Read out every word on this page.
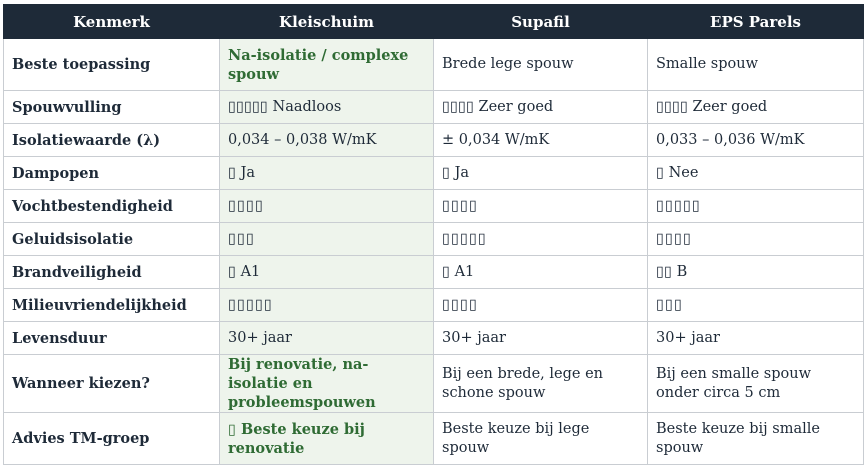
Kenmerk	Kleischuim	Supafil	EPS Parels
Beste toepassing	Na-isolatie / complexe spouw	Brede lege spouw	Smalle spouw
Spouwvulling	▯▯▯▯▯ Naadloos	▯▯▯▯ Zeer goed	▯▯▯▯ Zeer goed
Isolatiewaarde (λ)	0,034 – 0,038 W/mK	± 0,034 W/mK	0,033 – 0,036 W/mK
Dampopen	▯ Ja	▯ Ja	▯ Nee
Vochtbestendigheid	▯▯▯▯	▯▯▯▯	▯▯▯▯▯
Geluidsisolatie	▯▯▯	▯▯▯▯▯	▯▯▯▯
Brandveiligheid	▯ A1	▯ A1	▯▯ B
Milieuvriendelijkheid	▯▯▯▯▯	▯▯▯▯	▯▯▯
Levensduur	30+ jaar	30+ jaar	30+ jaar
Wanneer kiezen?	Bij renovatie, na-isolatie en probleemspouwen	Bij een brede, lege en schone spouw	Bij een smalle spouw onder circa 5 cm
Advies TM-groep	▯ Beste keuze bij renovatie	Beste keuze bij lege spouw	Beste keuze bij smalle spouw
